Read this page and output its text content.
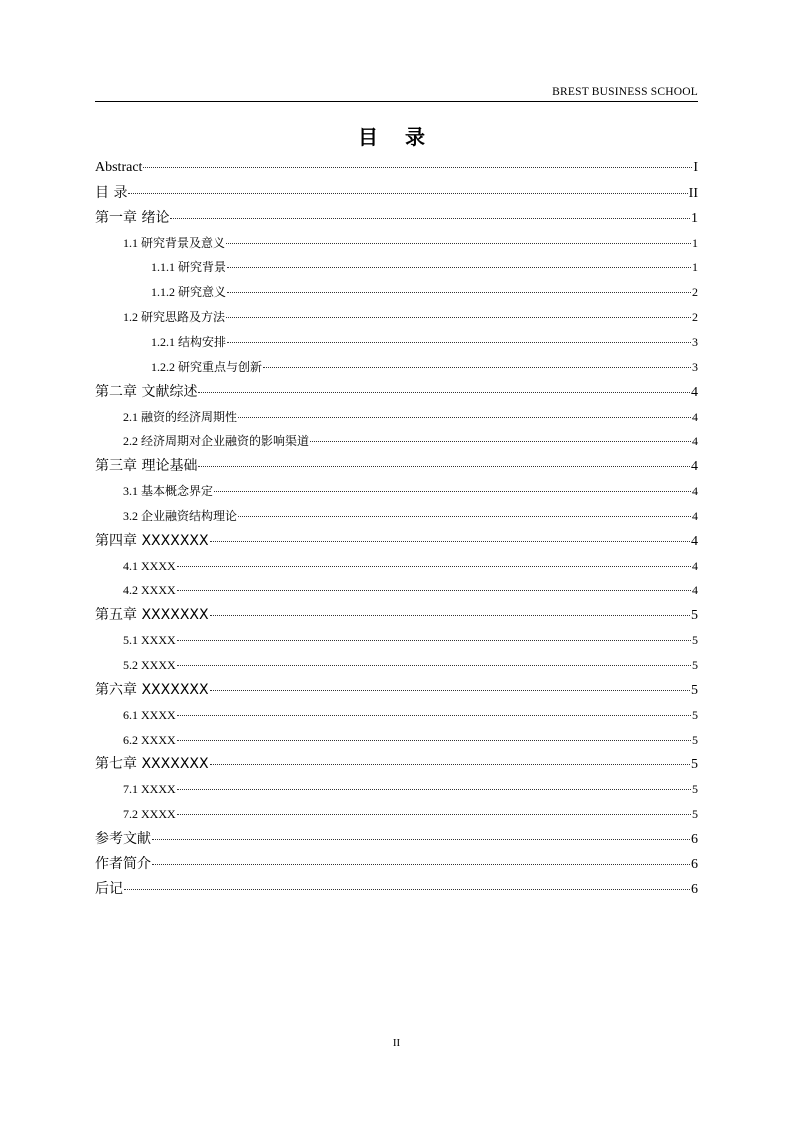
BREST BUSINESS SCHOOL
目 录
Abstract	I
目 录	II
第一章 绪论	1
1.1 研究背景及意义	1
1.1.1 研究背景	1
1.1.2 研究意义	2
1.2 研究思路及方法	2
1.2.1 结构安排	3
1.2.2 研究重点与创新	3
第二章 文献综述	4
2.1 融资的经济周期性	4
2.2 经济周期对企业融资的影响渠道	4
第三章 理论基础	4
3.1 基本概念界定	4
3.2 企业融资结构理论	4
第四章 XXXXXXX	4
4.1 XXXX	4
4.2 XXXX	4
第五章 XXXXXXX	5
5.1 XXXX	5
5.2 XXXX	5
第六章 XXXXXXX	5
6.1 XXXX	5
6.2 XXXX	5
第七章 XXXXXXX	5
7.1 XXXX	5
7.2 XXXX	5
参考文献	6
作者简介	6
后记	6
II
